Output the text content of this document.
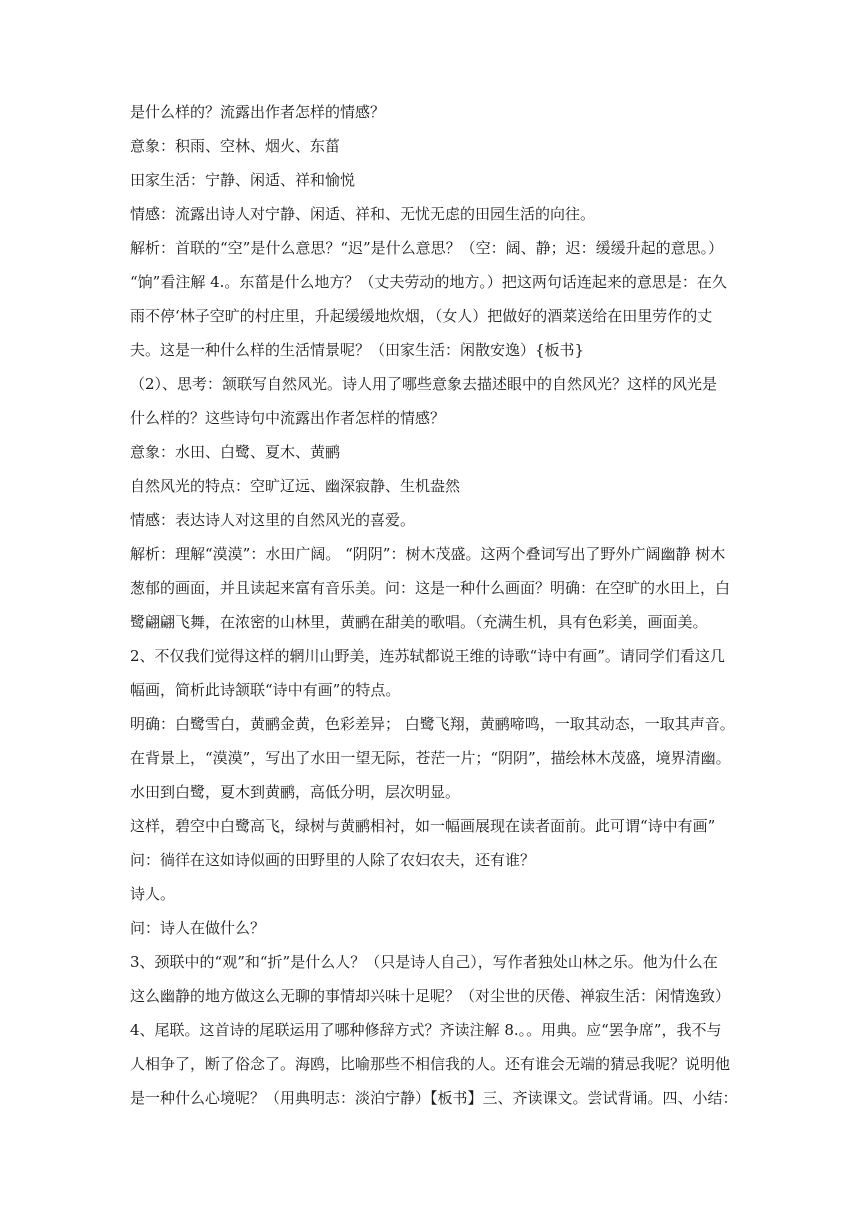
是什么样的？流露出作者怎样的情感？

意象：积雨、空林、烟火、东菑

田家生活：宁静、闲适、祥和愉悦

情感：流露出诗人对宁静、闲适、祥和、无忧无虑的田园生活的向往。

解析：首联的“空”是什么意思？“迟”是什么意思？（空：阔、静；迟：缓缓升起的意思。）

“饷”看注解 4.。东菑是什么地方？（丈夫劳动的地方。）把这两句话连起来的意思是：在久

雨不停‘林子空旷的村庄里，升起缓缓地炊烟，（女人）把做好的酒菜送给在田里劳作的丈

夫。这是一种什么样的生活情景呢？（田家生活：闲散安逸）{板书}

（2）、思考：颔联写自然风光。诗人用了哪些意象去描述眼中的自然风光？这样的风光是

什么样的？这些诗句中流露出作者怎样的情感？

意象：水田、白鹭、夏木、黄鹂

自然风光的特点：空旷辽远、幽深寂静、生机盎然

情感：表达诗人对这里的自然风光的喜爱。

解析：理解“漠漠”：水田广阔。 “阴阴”：树木茂盛。这两个叠词写出了野外广阔幽静 树木

葱郁的画面，并且读起来富有音乐美。问：这是一种什么画面？明确：在空旷的水田上，白

鹭翩翩飞舞，在浓密的山林里，黄鹂在甜美的歌唱。（充满生机，具有色彩美，画面美。

2、不仅我们觉得这样的辋川山野美，连苏轼都说王维的诗歌“诗中有画”。请同学们看这几

幅画，简析此诗颔联“诗中有画”的特点。

明确：白鹭雪白，黄鹂金黄，色彩差异； 白鹭飞翔，黄鹂啼鸣，一取其动态，一取其声音。

在背景上，“漠漠”，写出了水田一望无际，苍茫一片；“阴阴”，描绘林木茂盛，境界清幽。

水田到白鹭，夏木到黄鹂，高低分明，层次明显。

这样，碧空中白鹭高飞，绿树与黄鹂相衬，如一幅画展现在读者面前。此可谓“诗中有画”

问：徜徉在这如诗似画的田野里的人除了农妇农夫，还有谁？

诗人。

问：诗人在做什么？

3、颈联中的“观”和“折”是什么人？（只是诗人自己），写作者独处山林之乐。他为什么在

这么幽静的地方做这么无聊的事情却兴味十足呢？（对尘世的厌倦、禅寂生活：闲情逸致）

4、尾联。这首诗的尾联运用了哪种修辞方式？齐读注解 8.。。用典。应“罢争席”，我不与

人相争了，断了俗念了。海鸥，比喻那些不相信我的人。还有谁会无端的猜忌我呢？说明他

是一种什么心境呢？（用典明志：淡泊宁静）【板书】三、齐读课文。尝试背诵。四、小结：
